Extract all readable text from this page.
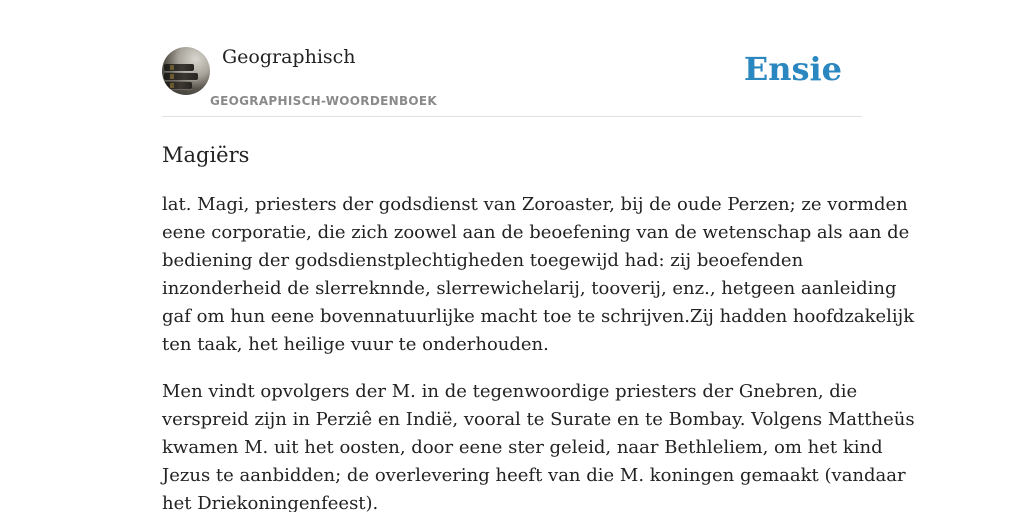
Geographisch
GEOGRAPHISCH-WOORDENBOEK
Ensie
Magiërs

lat. Magi, priesters der godsdienst van Zoroaster, bij de oude Perzen; ze vormden
eene corporatie, die zich zoowel aan de beoefening van de wetenschap als aan de
bediening der godsdienstplechtigheden toegewijd had: zij beoefenden
inzonderheid de slerreknnde, slerrewichelarij, tooverij, enz., hetgeen aanleiding
gaf om hun eene bovennatuurlijke macht toe te schrijven.Zij hadden hoofdzakelijk
ten taak, het heilige vuur te onderhouden.

Men vindt opvolgers der M. in de tegenwoordige priesters der Gnebren, die
verspreid zijn in Perziê en Indië, vooral te Surate en te Bombay. Volgens Mattheüs
kwamen M. uit het oosten, door eene ster geleid, naar Bethleliem, om het kind
Jezus te aanbidden; de overlevering heeft van die M. koningen gemaakt (vandaar
het Driekoningenfeest).
